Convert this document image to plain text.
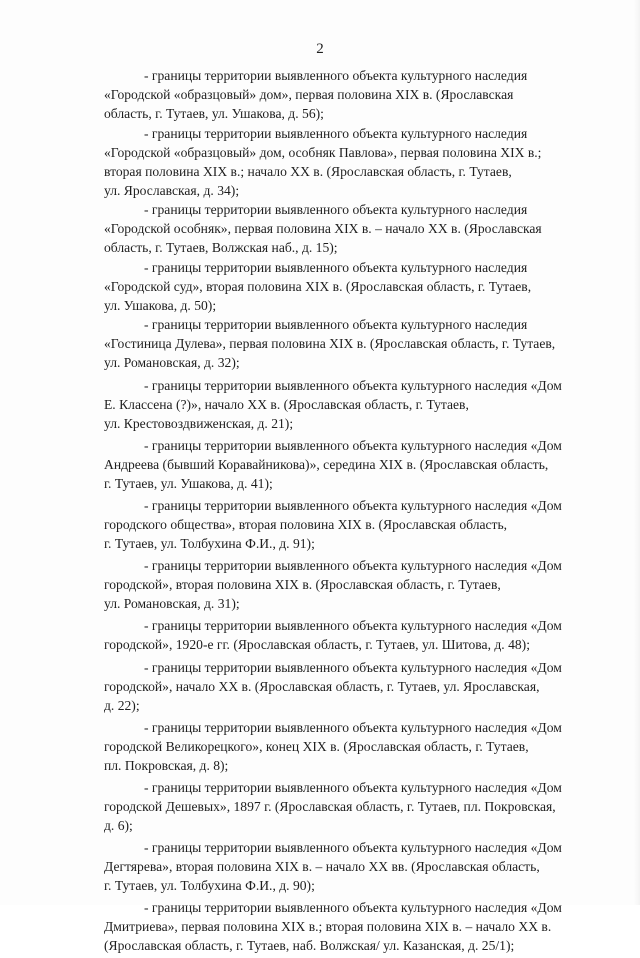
2

- границы территории выявленного объекта культурного наследия
«Городской «образцовый» дом», первая половина XIX в. (Ярославская
область, г. Тутаев, ул. Ушакова, д. 56);

- границы территории выявленного объекта культурного наследия
«Городской «образцовый» дом, особняк Павлова», первая половина XIX в.;
вторая половина XIX в.; начало XX в. (Ярославская область, г. Тутаев,
ул. Ярославская, д. 34);

- границы территории выявленного объекта культурного наследия
«Городской особняк», первая половина XIX в. – начало XX в. (Ярославская
область, г. Тутаев, Волжская наб., д. 15);

- границы территории выявленного объекта культурного наследия
«Городской суд», вторая половина XIX в. (Ярославская область, г. Тутаев,
ул. Ушакова, д. 50);

- границы территории выявленного объекта культурного наследия
«Гостиница Дулева», первая половина XIX в. (Ярославская область, г. Тутаев,
ул. Романовская, д. 32);

- границы территории выявленного объекта культурного наследия «Дом
Е. Классена (?)», начало XX в. (Ярославская область, г. Тутаев,
ул. Крестовоздвиженская, д. 21);

- границы территории выявленного объекта культурного наследия «Дом
Андреева (бывший Коравайникова)», середина XIX в. (Ярославская область,
г. Тутаев, ул. Ушакова, д. 41);

- границы территории выявленного объекта культурного наследия «Дом
городского общества», вторая половина XIX в. (Ярославская область,
г. Тутаев, ул. Толбухина Ф.И., д. 91);

- границы территории выявленного объекта культурного наследия «Дом
городской», вторая половина XIX в. (Ярославская область, г. Тутаев,
ул. Романовская, д. 31);

- границы территории выявленного объекта культурного наследия «Дом
городской», 1920-е гг. (Ярославская область, г. Тутаев, ул. Шитова, д. 48);

- границы территории выявленного объекта культурного наследия «Дом
городской», начало XX в. (Ярославская область, г. Тутаев, ул. Ярославская,
д. 22);

- границы территории выявленного объекта культурного наследия «Дом
городской Великорецкого», конец XIX в. (Ярославская область, г. Тутаев,
пл. Покровская, д. 8);

- границы территории выявленного объекта культурного наследия «Дом
городской Дешевых», 1897 г. (Ярославская область, г. Тутаев, пл. Покровская,
д. 6);

- границы территории выявленного объекта культурного наследия «Дом
Дегтярева», вторая половина XIX в. – начало XX вв. (Ярославская область,
г. Тутаев, ул. Толбухина Ф.И., д. 90);

- границы территории выявленного объекта культурного наследия «Дом
Дмитриева», первая половина XIX в.; вторая половина XIX в. – начало XX в.
(Ярославская область, г. Тутаев, наб. Волжская/ ул. Казанская, д. 25/1);
